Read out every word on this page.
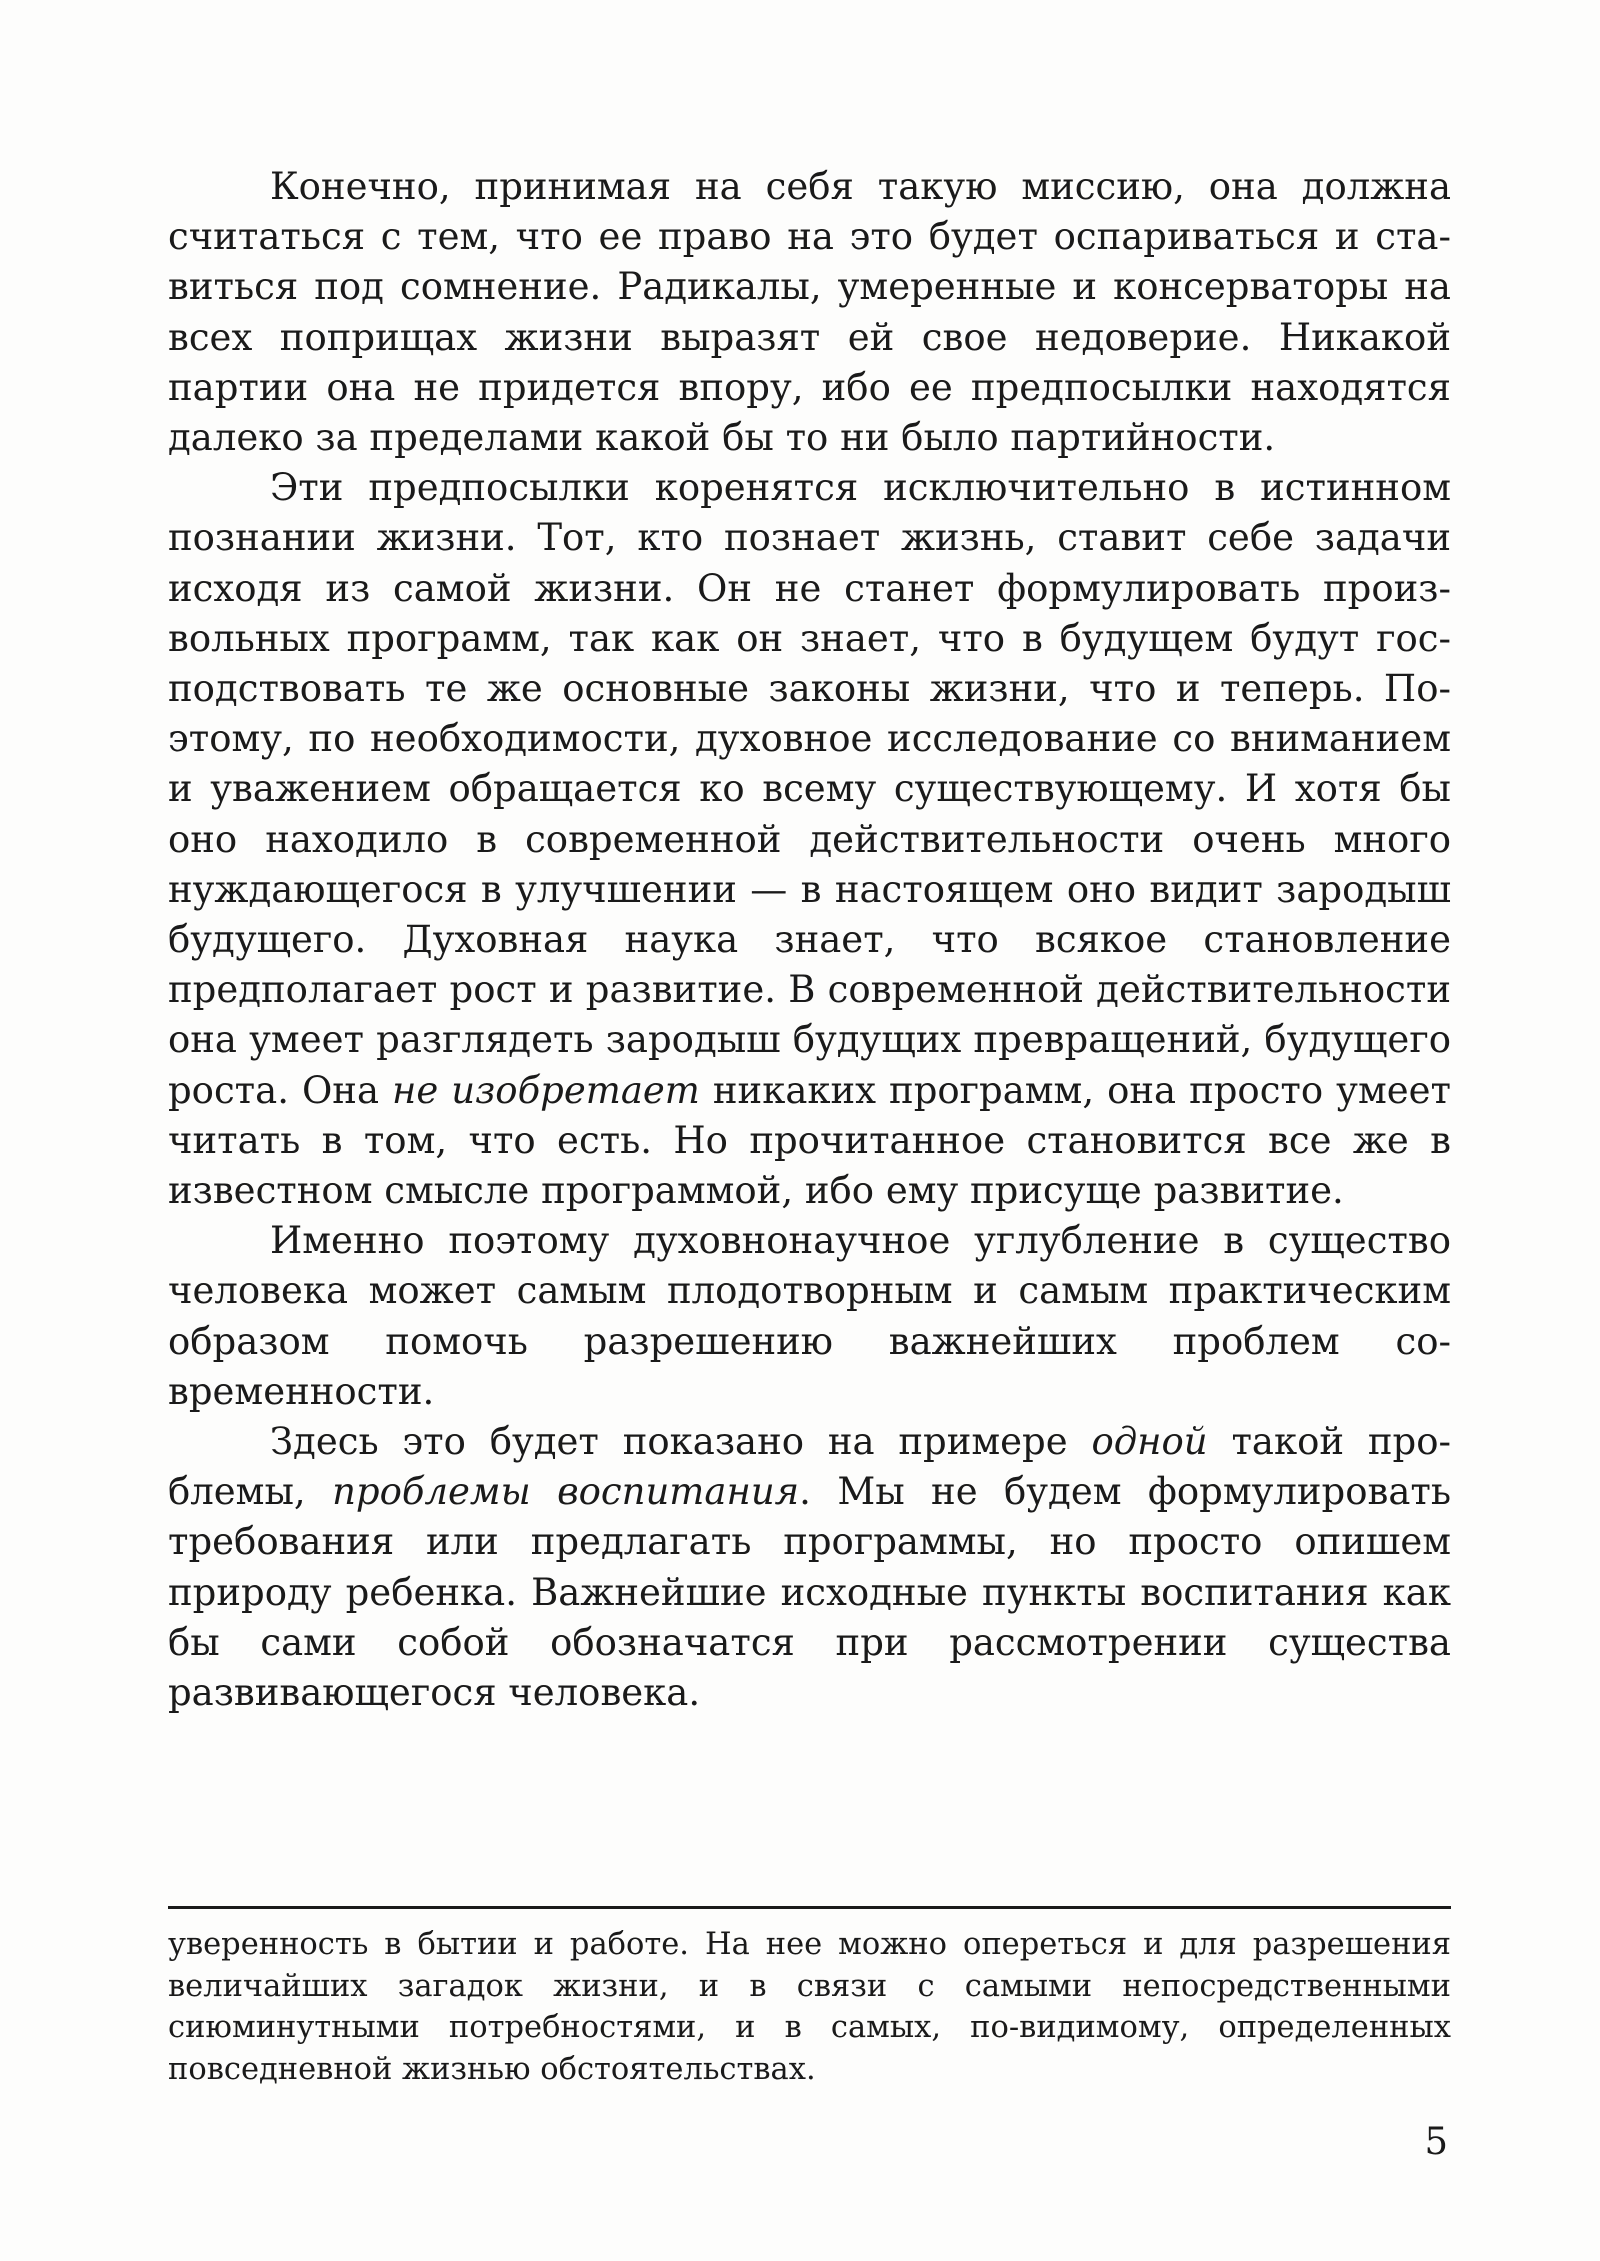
Конечно, принимая на себя такую миссию, она должна считаться с тем, что ее право на это будет оспариваться и ставиться под сомнение. Радикалы, умеренные и консерваторы на всех поприщах жизни выразят ей свое недоверие. Никакой партии она не придется впору, ибо ее предпосылки находятся далеко за пределами какой бы то ни было партийности.

Эти предпосылки коренятся исключительно в истинном познании жизни. Тот, кто познает жизнь, ставит себе задачи исходя из самой жизни. Он не станет формулировать произвольных программ, так как он знает, что в будущем будут господствовать те же основные законы жизни, что и теперь. Поэтому, по необходимости, духовное исследование со вниманием и уважением обращается ко всему существующему. И хотя бы оно находило в современной действительности очень много нуждающегося в улучшении — в настоящем оно видит зародыш будущего. Духовная наука знает, что всякое становление предполагает рост и развитие. В современной действительности она умеет разглядеть зародыш будущих превращений, будущего роста. Она не изобретает никаких программ, она просто умеет читать в том, что есть. Но прочитанное становится все же в известном смысле программой, ибо ему присуще развитие.

Именно поэтому духовнонаучное углубление в существо человека может самым плодотворным и самым практическим образом помочь разрешению важнейших проблем современности.

Здесь это будет показано на примере одной такой проблемы, проблемы воспитания. Мы не будем формулировать требования или предлагать программы, но просто опишем природу ребенка. Важнейшие исходные пункты воспитания как бы сами собой обозначатся при рассмотрении существа развивающегося человека.

уверенность в бытии и работе. На нее можно опереться и для разрешения величайших загадок жизни, и в связи с самыми непосредственными сиюминутными потребностями, и в самых, по-видимому, определенных повседневной жизнью обстоятельствах.

5
